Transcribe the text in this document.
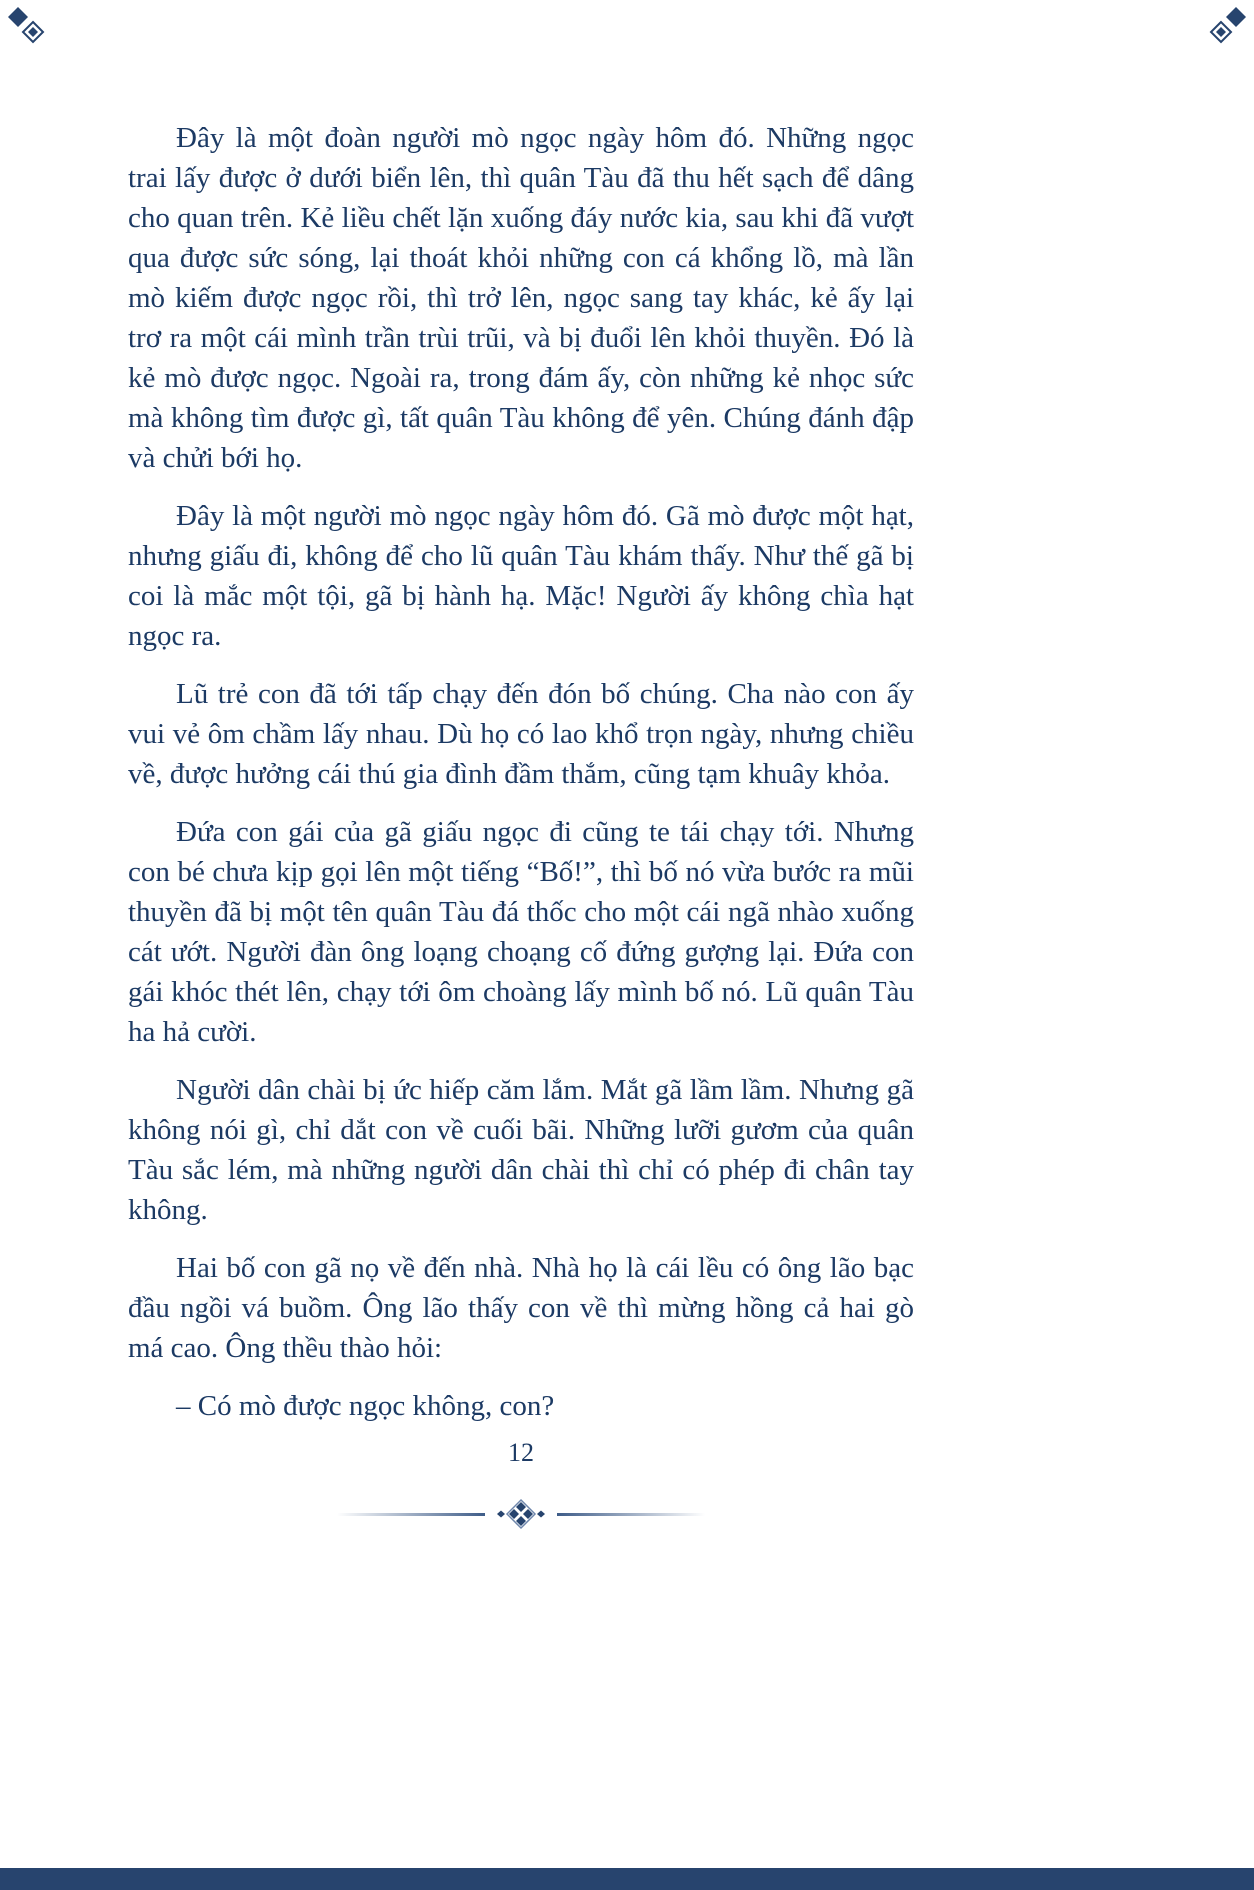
Đây là một đoàn người mò ngọc ngày hôm đó. Những ngọc trai lấy được ở dưới biển lên, thì quân Tàu đã thu hết sạch để dâng cho quan trên. Kẻ liều chết lặn xuống đáy nước kia, sau khi đã vượt qua được sức sóng, lại thoát khỏi những con cá khổng lồ, mà lần mò kiếm được ngọc rồi, thì trở lên, ngọc sang tay khác, kẻ ấy lại trơ ra một cái mình trần trùi trũi, và bị đuổi lên khỏi thuyền. Đó là kẻ mò được ngọc. Ngoài ra, trong đám ấy, còn những kẻ nhọc sức mà không tìm được gì, tất quân Tàu không để yên. Chúng đánh đập và chửi bới họ.

Đây là một người mò ngọc ngày hôm đó. Gã mò được một hạt, nhưng giấu đi, không để cho lũ quân Tàu khám thấy. Như thế gã bị coi là mắc một tội, gã bị hành hạ. Mặc! Người ấy không chìa hạt ngọc ra.

Lũ trẻ con đã tới tấp chạy đến đón bố chúng. Cha nào con ấy vui vẻ ôm chầm lấy nhau. Dù họ có lao khổ trọn ngày, nhưng chiều về, được hưởng cái thú gia đình đầm thắm, cũng tạm khuây khỏa.

Đứa con gái của gã giấu ngọc đi cũng te tái chạy tới. Nhưng con bé chưa kịp gọi lên một tiếng “Bố!”, thì bố nó vừa bước ra mũi thuyền đã bị một tên quân Tàu đá thốc cho một cái ngã nhào xuống cát ướt. Người đàn ông loạng choạng cố đứng gượng lại. Đứa con gái khóc thét lên, chạy tới ôm choàng lấy mình bố nó. Lũ quân Tàu ha hả cười.

Người dân chài bị ức hiếp căm lắm. Mắt gã lầm lầm. Nhưng gã không nói gì, chỉ dắt con về cuối bãi. Những lưỡi gươm của quân Tàu sắc lém, mà những người dân chài thì chỉ có phép đi chân tay không.

Hai bố con gã nọ về đến nhà. Nhà họ là cái lều có ông lão bạc đầu ngồi vá buồm. Ông lão thấy con về thì mừng hồng cả hai gò má cao. Ông thều thào hỏi:

– Có mò được ngọc không, con?

12
